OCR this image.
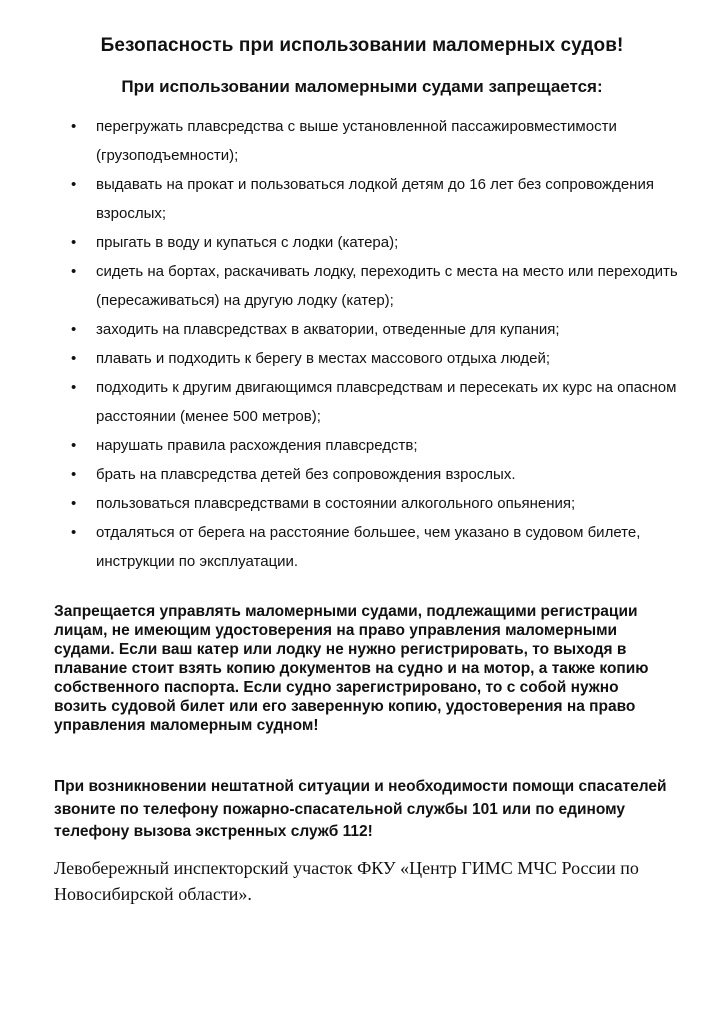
Безопасность при использовании маломерных судов!
При использовании маломерными судами запрещается:
• перегружать плавсредства с выше установленной пассажировместимости (грузоподъемности);
• выдавать на прокат и пользоваться лодкой детям до 16 лет без сопровождения взрослых;
• прыгать в воду и купаться с лодки (катера);
• сидеть на бортах, раскачивать лодку, переходить с места на место или переходить (пересаживаться) на другую лодку (катер);
• заходить на плавсредствах в акватории, отведенные для купания;
• плавать и подходить к берегу в местах массового отдыха людей;
• подходить к другим двигающимся плавсредствам и пересекать их курс на опасном расстоянии (менее 500 метров);
• нарушать правила расхождения плавсредств;
• брать на плавсредства детей без сопровождения взрослых.
• пользоваться плавсредствами в состоянии алкогольного опьянения;
• отдаляться от берега на расстояние большее, чем указано в судовом билете, инструкции по эксплуатации.

Запрещается управлять маломерными судами, подлежащими регистрации лицам, не имеющим удостоверения на право управления маломерными судами. Если ваш катер или лодку не нужно регистрировать, то выходя в плавание стоит взять копию документов на судно и на мотор, а также копию собственного паспорта. Если судно зарегистрировано, то с собой нужно возить судовой билет или его заверенную копию, удостоверения на право управления маломерным судном!

При возникновении нештатной ситуации и необходимости помощи спасателей звоните по телефону пожарно-спасательной службы 101 или по единому телефону вызова экстренных служб 112!

Левобережный инспекторский участок ФКУ «Центр ГИМС МЧС России по Новосибирской области».
